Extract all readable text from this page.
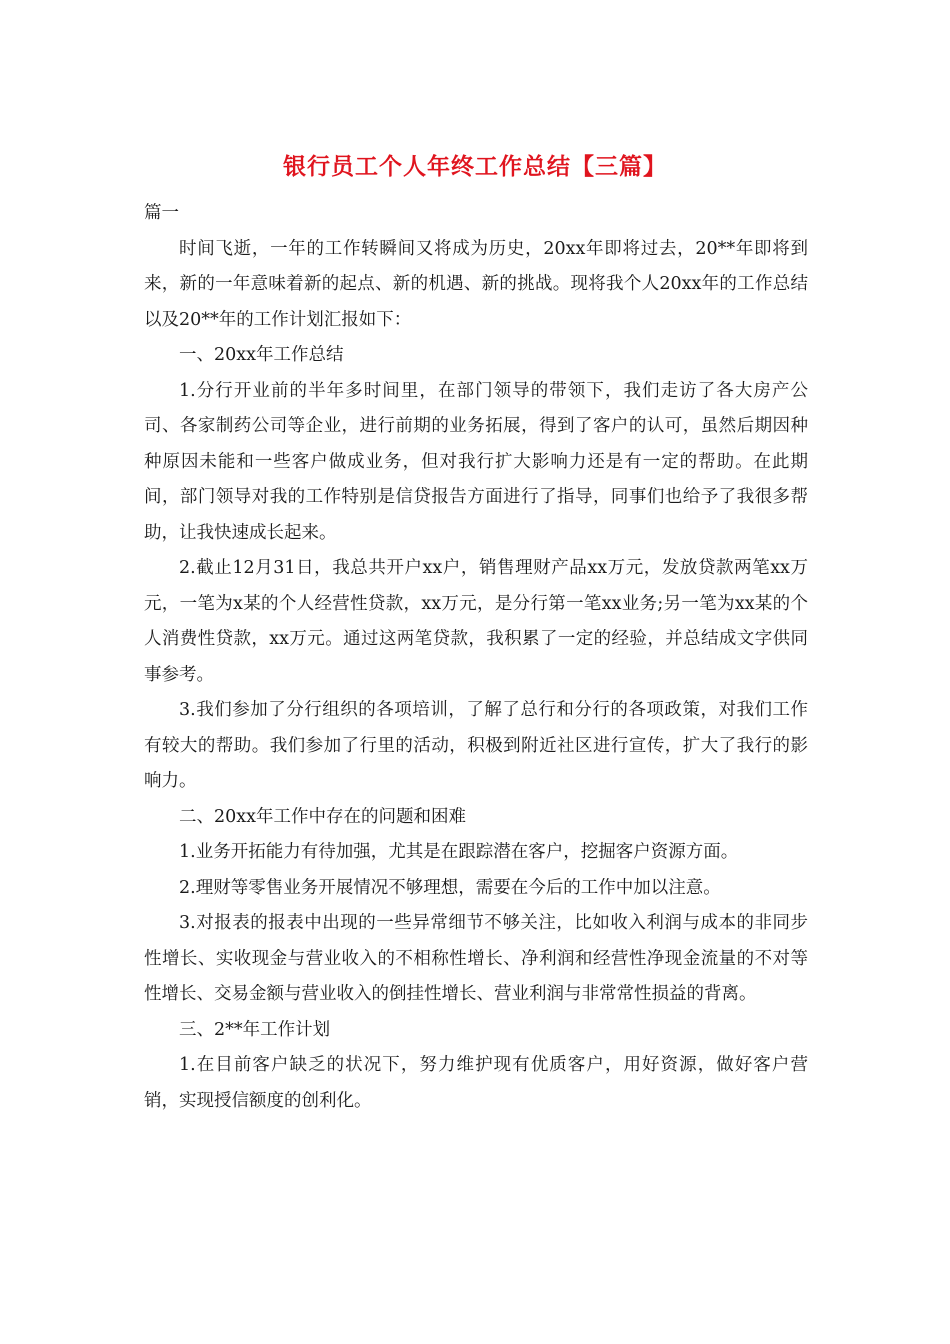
银行员工个人年终工作总结【三篇】

篇一

时间飞逝，一年的工作转瞬间又将成为历史，20xx年即将过去，20**年即将到来，新的一年意味着新的起点、新的机遇、新的挑战。现将我个人20xx年的工作总结以及20**年的工作计划汇报如下：

一、20xx年工作总结

1.分行开业前的半年多时间里，在部门领导的带领下，我们走访了各大房产公司、各家制药公司等企业，进行前期的业务拓展，得到了客户的认可，虽然后期因种种原因未能和一些客户做成业务，但对我行扩大影响力还是有一定的帮助。在此期间，部门领导对我的工作特别是信贷报告方面进行了指导，同事们也给予了我很多帮助，让我快速成长起来。

2.截止12月31日，我总共开户xx户，销售理财产品xx万元，发放贷款两笔xx万元，一笔为x某的个人经营性贷款，xx万元，是分行第一笔xx业务;另一笔为xx某的个人消费性贷款，xx万元。通过这两笔贷款，我积累了一定的经验，并总结成文字供同事参考。

3.我们参加了分行组织的各项培训，了解了总行和分行的各项政策，对我们工作有较大的帮助。我们参加了行里的活动，积极到附近社区进行宣传，扩大了我行的影响力。

二、20xx年工作中存在的问题和困难

1.业务开拓能力有待加强，尤其是在跟踪潜在客户，挖掘客户资源方面。

2.理财等零售业务开展情况不够理想，需要在今后的工作中加以注意。

3.对报表的报表中出现的一些异常细节不够关注，比如收入利润与成本的非同步性增长、实收现金与营业收入的不相称性增长、净利润和经营性净现金流量的不对等性增长、交易金额与营业收入的倒挂性增长、营业利润与非常常性损益的背离。

三、2**年工作计划

1.在目前客户缺乏的状况下，努力维护现有优质客户，用好资源，做好客户营销，实现授信额度的创利化。
